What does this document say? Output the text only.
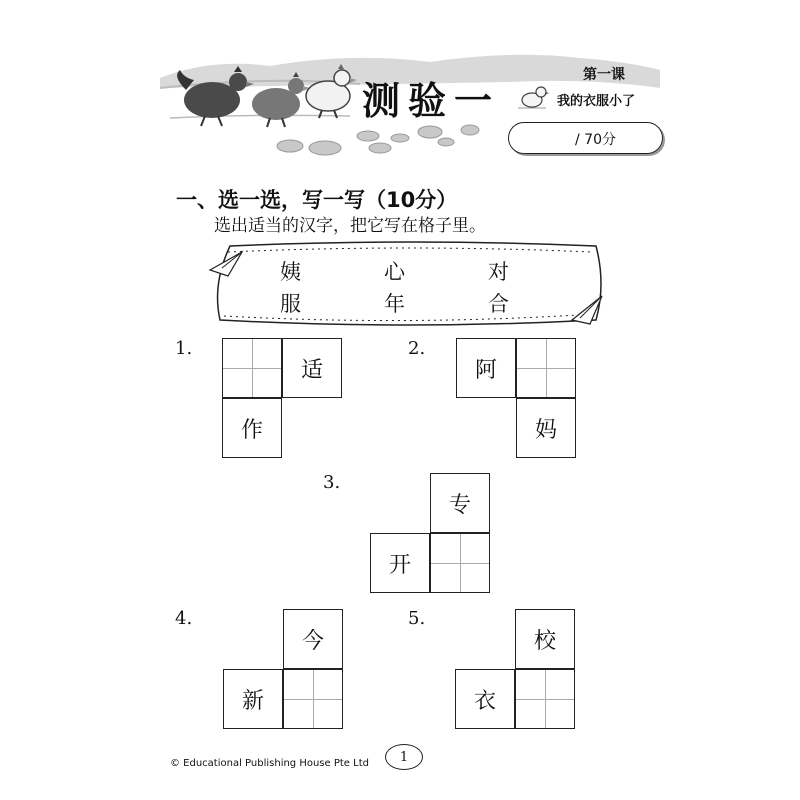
测验一
第一课
我的衣服小了
/ 70分
一、选一选，写一写（10分）
选出适当的汉字，把它写在格子里。
姨	心	对
服	年	合
1.
适
作
2.
阿
妈
3.
专
开
4.
今
新
5.
校
衣
© Educational Publishing House Pte Ltd	1
